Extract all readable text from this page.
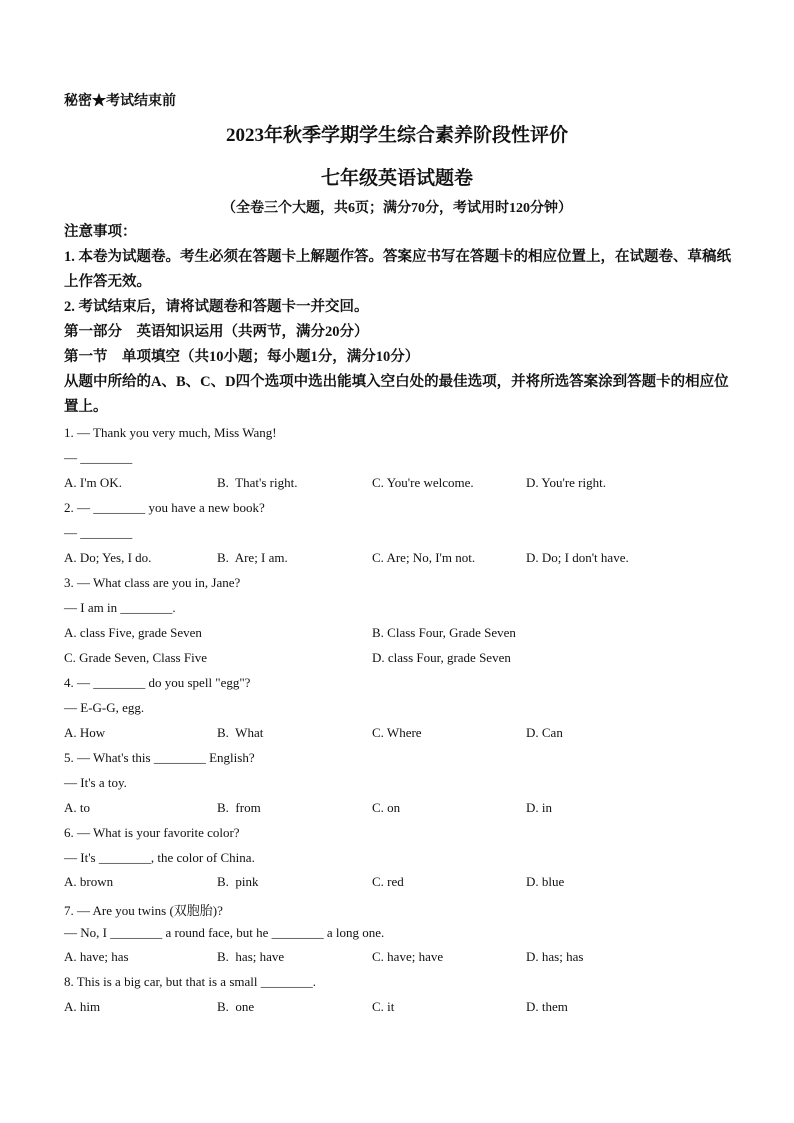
秘密★考试结束前
2023年秋季学期学生综合素养阶段性评价
七年级英语试题卷
（全卷三个大题，共6页；满分70分，考试用时120分钟）
注意事项：
1. 本卷为试题卷。考生必须在答题卡上解题作答。答案应书写在答题卡的相应位置上，在试题卷、草稿纸上作答无效。
2. 考试结束后，请将试题卷和答题卡一并交回。
第一部分　英语知识运用（共两节，满分20分）
第一节　单项填空（共10小题；每小题1分，满分10分）
从题中所给的A、B、C、D四个选项中选出能填入空白处的最佳选项，并将所选答案涂到答题卡的相应位置上。
1. — Thank you very much, Miss Wang!
— ________
A. I'm OK.	B.  That's right.	C. You're welcome.	D. You're right.
2. — ________ you have a new book?
— ________
A. Do; Yes, I do.	B.  Are; I am.	C. Are; No, I'm not.	D. Do; I don't have.
3. — What class are you in, Jane?
— I am in ________.
A. class Five, grade Seven	B. Class Four, Grade Seven
C. Grade Seven, Class Five	D. class Four, grade Seven
4. — ________ do you spell "egg"?
— E-G-G, egg.
A. How	B.  What	C. Where	D. Can
5. — What's this ________ English?
— It's a toy.
A. to	B.  from	C. on	D. in
6. — What is your favorite color?
— It's ________, the color of China.
A. brown	B.  pink	C. red	D. blue
7. — Are you twins (双胞胎)?
— No, I ________ a round face, but he ________ a long one.
A. have; has	B.  has; have	C. have; have	D. has; has
8. This is a big car, but that is a small ________.
A. him	B.  one	C. it	D. them
